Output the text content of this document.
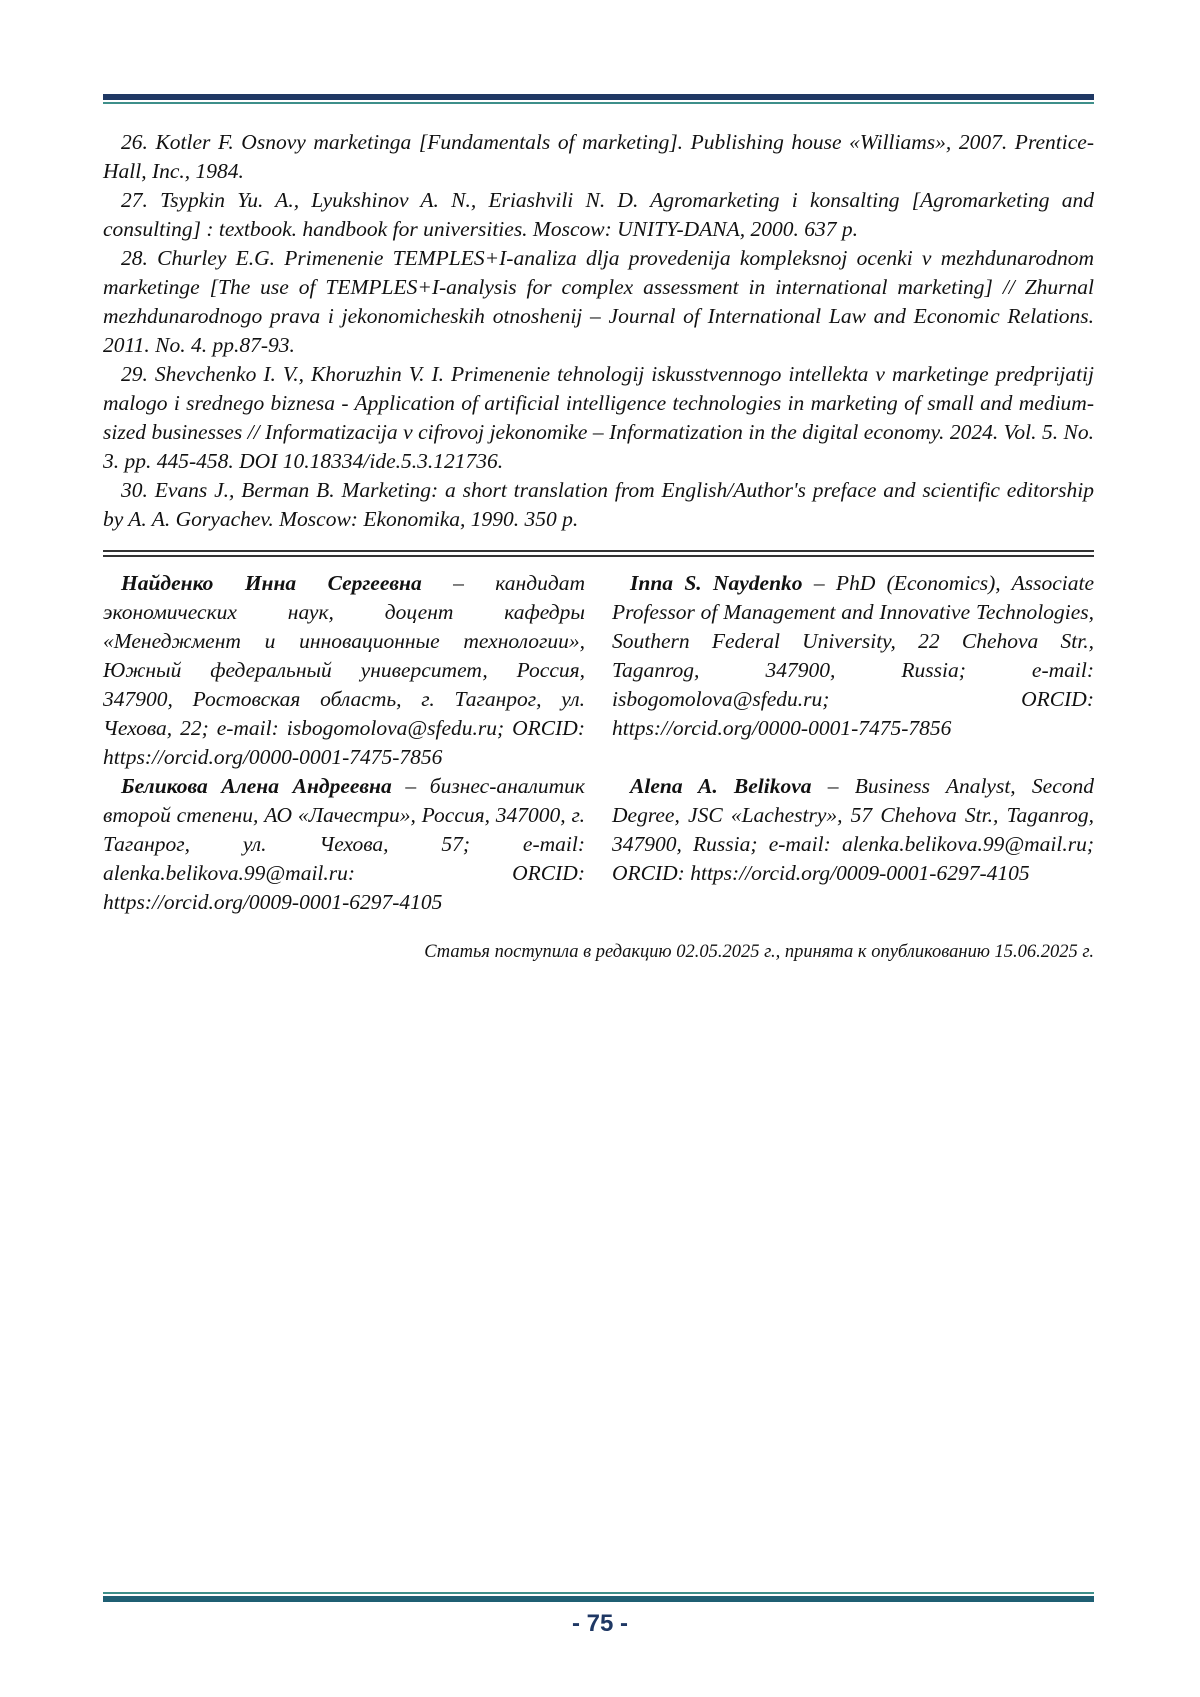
26. Kotler F. Osnovy marketinga [Fundamentals of marketing]. Publishing house «Williams», 2007. Prentice-Hall, Inc., 1984.

27. Tsypkin Yu. A., Lyukshinov A. N., Eriashvili N. D. Agromarketing i konsalting [Agromarketing and consulting] : textbook. handbook for universities. Moscow: UNITY-DANA, 2000. 637 p.

28. Churley E.G. Primenenie TEMPLES+I-analiza dlja provedenija kompleksnoj ocenki v mezhdunarodnom marketinge [The use of TEMPLES+I-analysis for complex assessment in international marketing] // Zhurnal mezhdunarodnogo prava i jekonomicheskih otnoshenij – Journal of International Law and Economic Relations. 2011. No. 4. pp.87-93.

29. Shevchenko I. V., Khoruzhin V. I. Primenenie tehnologij iskusstvennogo intellekta v marketinge predprijatij malogo i srednego biznesa - Application of artificial intelligence technologies in marketing of small and medium-sized businesses // Informatizacija v cifrovoj jekonomike – Informatization in the digital economy. 2024. Vol. 5. No. 3. pp. 445-458. DOI 10.18334/ide.5.3.121736.

30. Evans J., Berman B. Marketing: a short translation from English/Author's preface and scientific editorship by A. A. Goryachev. Moscow: Ekonomika, 1990. 350 p.

Найденко Инна Сергеевна – кандидат экономических наук, доцент кафедры «Менеджмент и инновационные технологии», Южный федеральный университет, Россия, 347900, Ростовская область, г. Таганрог, ул. Чехова, 22; e-mail: isbogomolova@sfedu.ru; ORCID: https://orcid.org/0000-0001-7475-7856

Беликова Алена Андреевна – бизнес-аналитик второй степени, АО «Лачестри», Россия, 347000, г. Таганрог, ул. Чехова, 57; e-mail: alenka.belikova.99@mail.ru: ORCID: https://orcid.org/0009-0001-6297-4105

Inna S. Naydenko – PhD (Economics), Associate Professor of Management and Innovative Technologies, Southern Federal University, 22 Chehova Str., Taganrog, 347900, Russia; e-mail: isbogomolova@sfedu.ru; ORCID: https://orcid.org/0000-0001-7475-7856

Alena A. Belikova – Business Analyst, Second Degree, JSC «Lachestry», 57 Chehova Str., Taganrog, 347900, Russia; e-mail: alenka.belikova.99@mail.ru; ORCID: https://orcid.org/0009-0001-6297-4105

Статья поступила в редакцию 02.05.2025 г., принята к опубликованию 15.06.2025 г.
- 75 -
